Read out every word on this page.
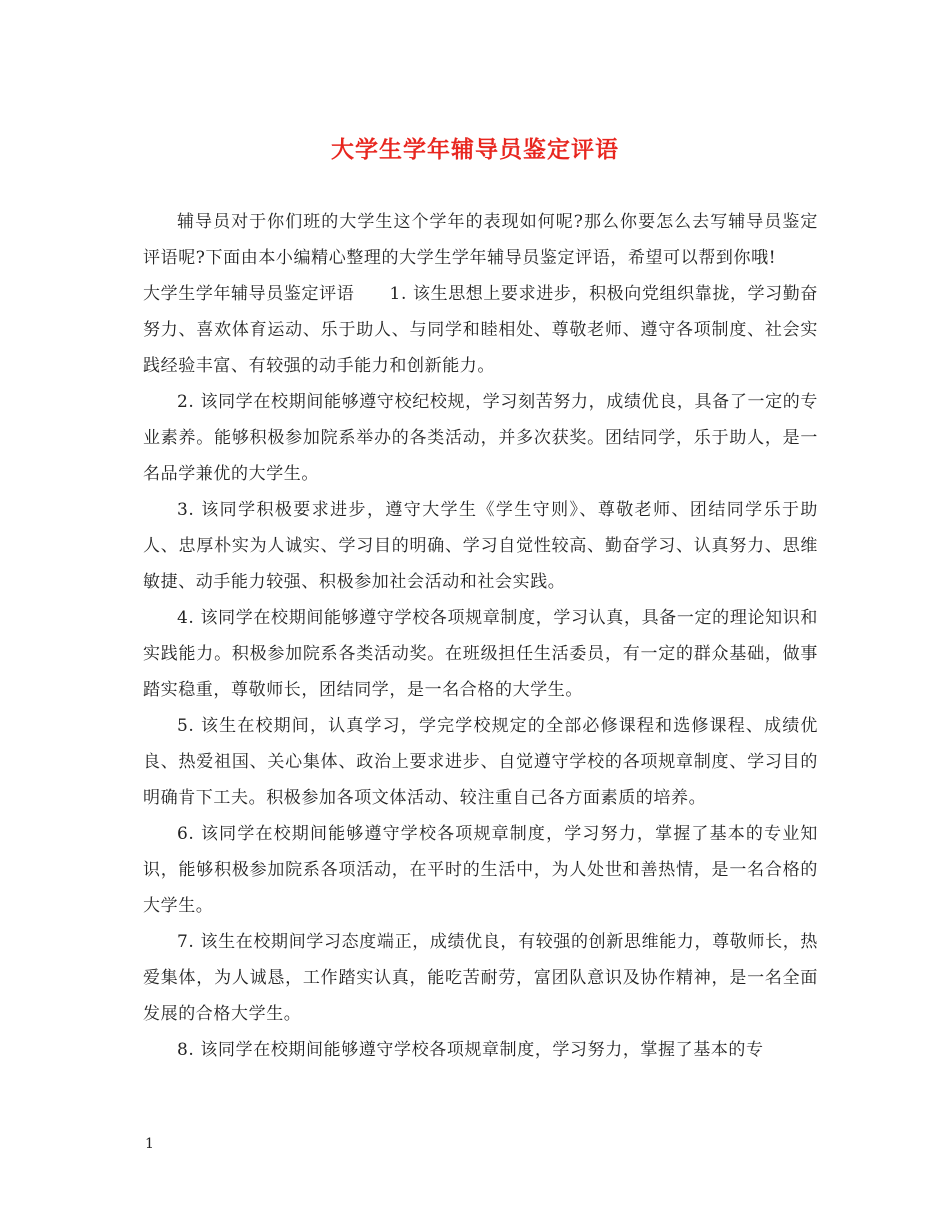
大学生学年辅导员鉴定评语

辅导员对于你们班的大学生这个学年的表现如何呢?那么你要怎么去写辅导员鉴定评语呢?下面由本小编精心整理的大学生学年辅导员鉴定评语，希望可以帮到你哦!

大学生学年辅导员鉴定评语　　1. 该生思想上要求进步，积极向党组织靠拢，学习勤奋努力、喜欢体育运动、乐于助人、与同学和睦相处、尊敬老师、遵守各项制度、社会实践经验丰富、有较强的动手能力和创新能力。

2. 该同学在校期间能够遵守校纪校规，学习刻苦努力，成绩优良，具备了一定的专业素养。能够积极参加院系举办的各类活动，并多次获奖。团结同学，乐于助人，是一名品学兼优的大学生。

3. 该同学积极要求进步，遵守大学生《学生守则》、尊敬老师、团结同学乐于助人、忠厚朴实为人诚实、学习目的明确、学习自觉性较高、勤奋学习、认真努力、思维敏捷、动手能力较强、积极参加社会活动和社会实践。

4. 该同学在校期间能够遵守学校各项规章制度，学习认真，具备一定的理论知识和实践能力。积极参加院系各类活动奖。在班级担任生活委员，有一定的群众基础，做事踏实稳重，尊敬师长，团结同学，是一名合格的大学生。

5. 该生在校期间，认真学习，学完学校规定的全部必修课程和选修课程、成绩优良、热爱祖国、关心集体、政治上要求进步、自觉遵守学校的各项规章制度、学习目的明确肯下工夫。积极参加各项文体活动、较注重自己各方面素质的培养。

6. 该同学在校期间能够遵守学校各项规章制度，学习努力，掌握了基本的专业知识，能够积极参加院系各项活动，在平时的生活中，为人处世和善热情，是一名合格的大学生。

7. 该生在校期间学习态度端正，成绩优良，有较强的创新思维能力，尊敬师长，热爱集体，为人诚恳，工作踏实认真，能吃苦耐劳，富团队意识及协作精神，是一名全面发展的合格大学生。

8. 该同学在校期间能够遵守学校各项规章制度，学习努力，掌握了基本的专

1
